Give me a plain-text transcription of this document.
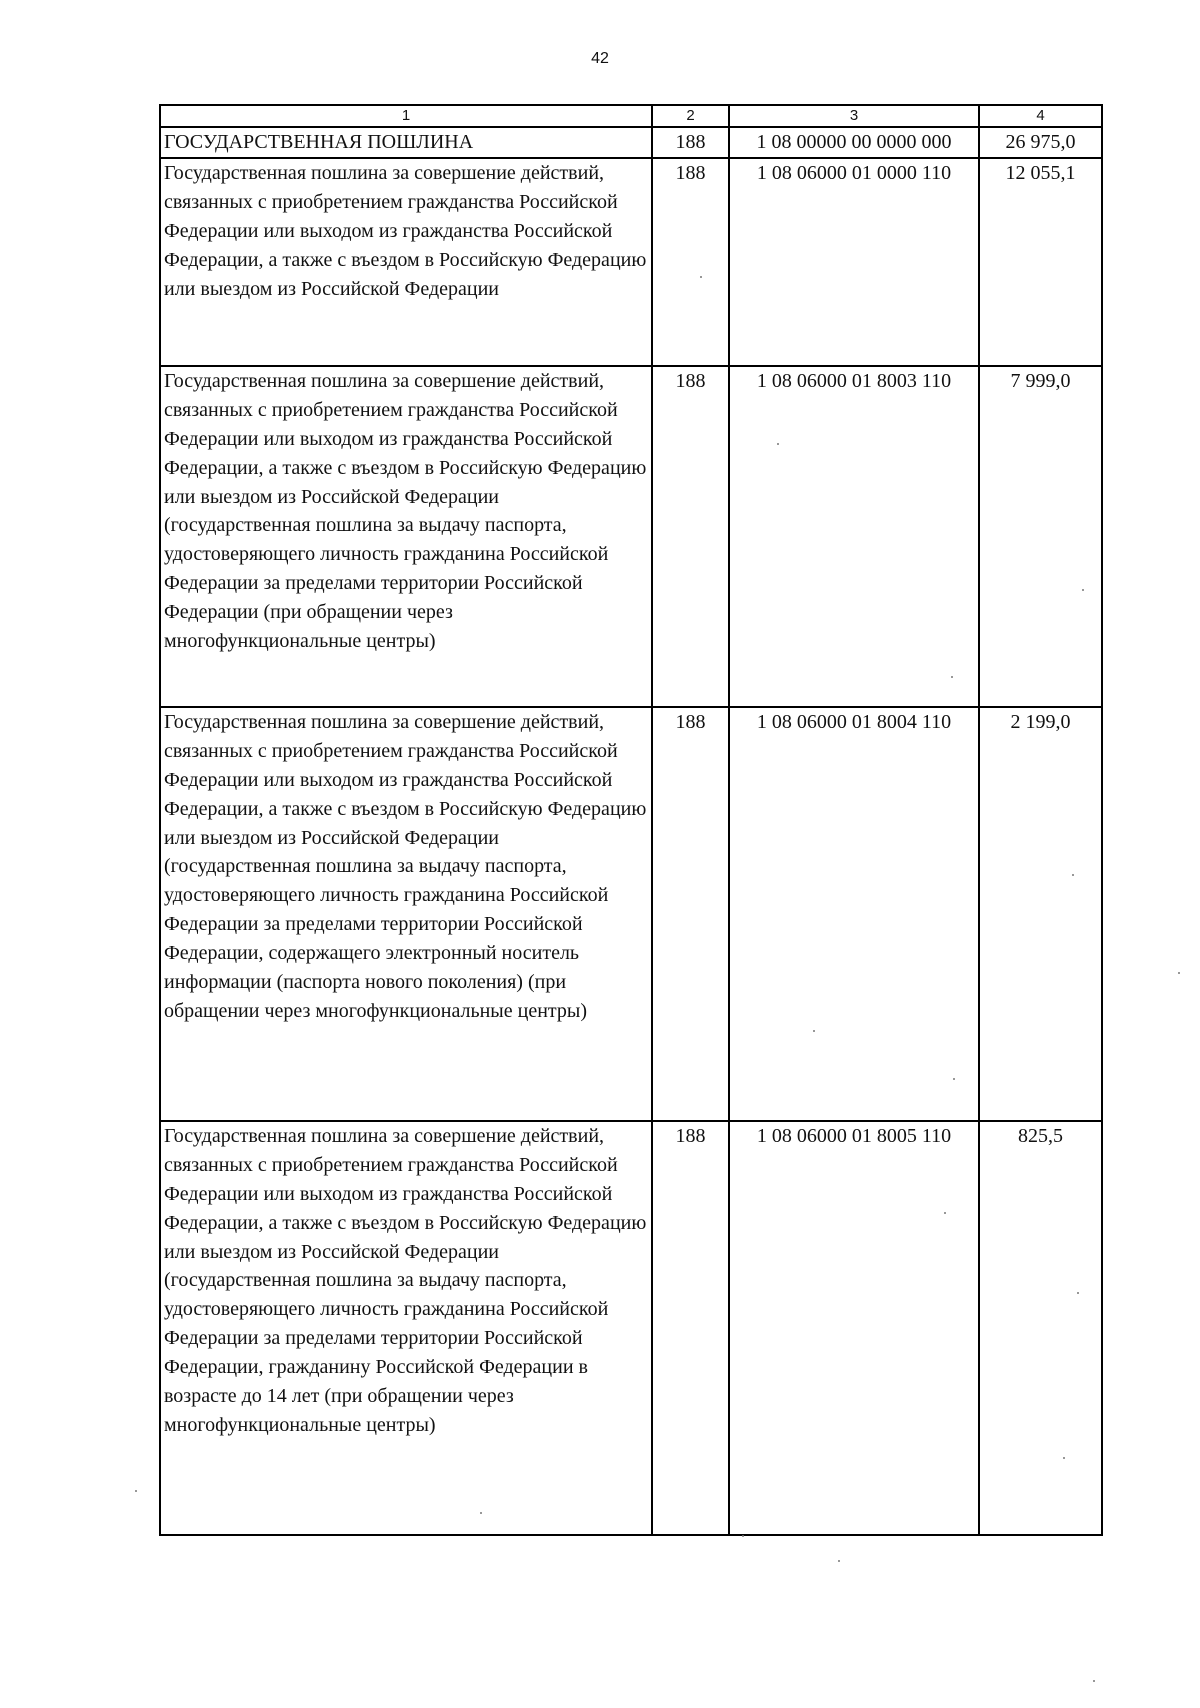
42
1	2	3	4
ГОСУДАРСТВЕННАЯ ПОШЛИНА	188	1 08 00000 00 0000 000	26 975,0
Государственная пошлина за совершение действий, связанных с приобретением гражданства Российской Федерации или выходом из гражданства Российской Федерации, а также с въездом в Российскую Федерацию или выездом из Российской Федерации	188	1 08 06000 01 0000 110	12 055,1
Государственная пошлина за совершение действий, связанных с приобретением гражданства Российской Федерации или выходом из гражданства Российской Федерации, а также с въездом в Российскую Федерацию или выездом из Российской Федерации (государственная пошлина за выдачу паспорта, удостоверяющего личность гражданина Российской Федерации за пределами территории Российской Федерации (при обращении через многофункциональные центры)	188	1 08 06000 01 8003 110	7 999,0
Государственная пошлина за совершение действий, связанных с приобретением гражданства Российской Федерации или выходом из гражданства Российской Федерации, а также с въездом в Российскую Федерацию или выездом из Российской Федерации (государственная пошлина за выдачу паспорта, удостоверяющего личность гражданина Российской Федерации за пределами территории Российской Федерации, содержащего электронный носитель информации (паспорта нового поколения) (при обращении через многофункциональные центры)	188	1 08 06000 01 8004 110	2 199,0
Государственная пошлина за совершение действий, связанных с приобретением гражданства Российской Федерации или выходом из гражданства Российской Федерации, а также с въездом в Российскую Федерацию или выездом из Российской Федерации (государственная пошлина за выдачу паспорта, удостоверяющего личность гражданина Российской Федерации за пределами территории Российской Федерации, гражданину Российской Федерации в возрасте до 14 лет (при обращении через многофункциональные центры)	188	1 08 06000 01 8005 110	825,5
